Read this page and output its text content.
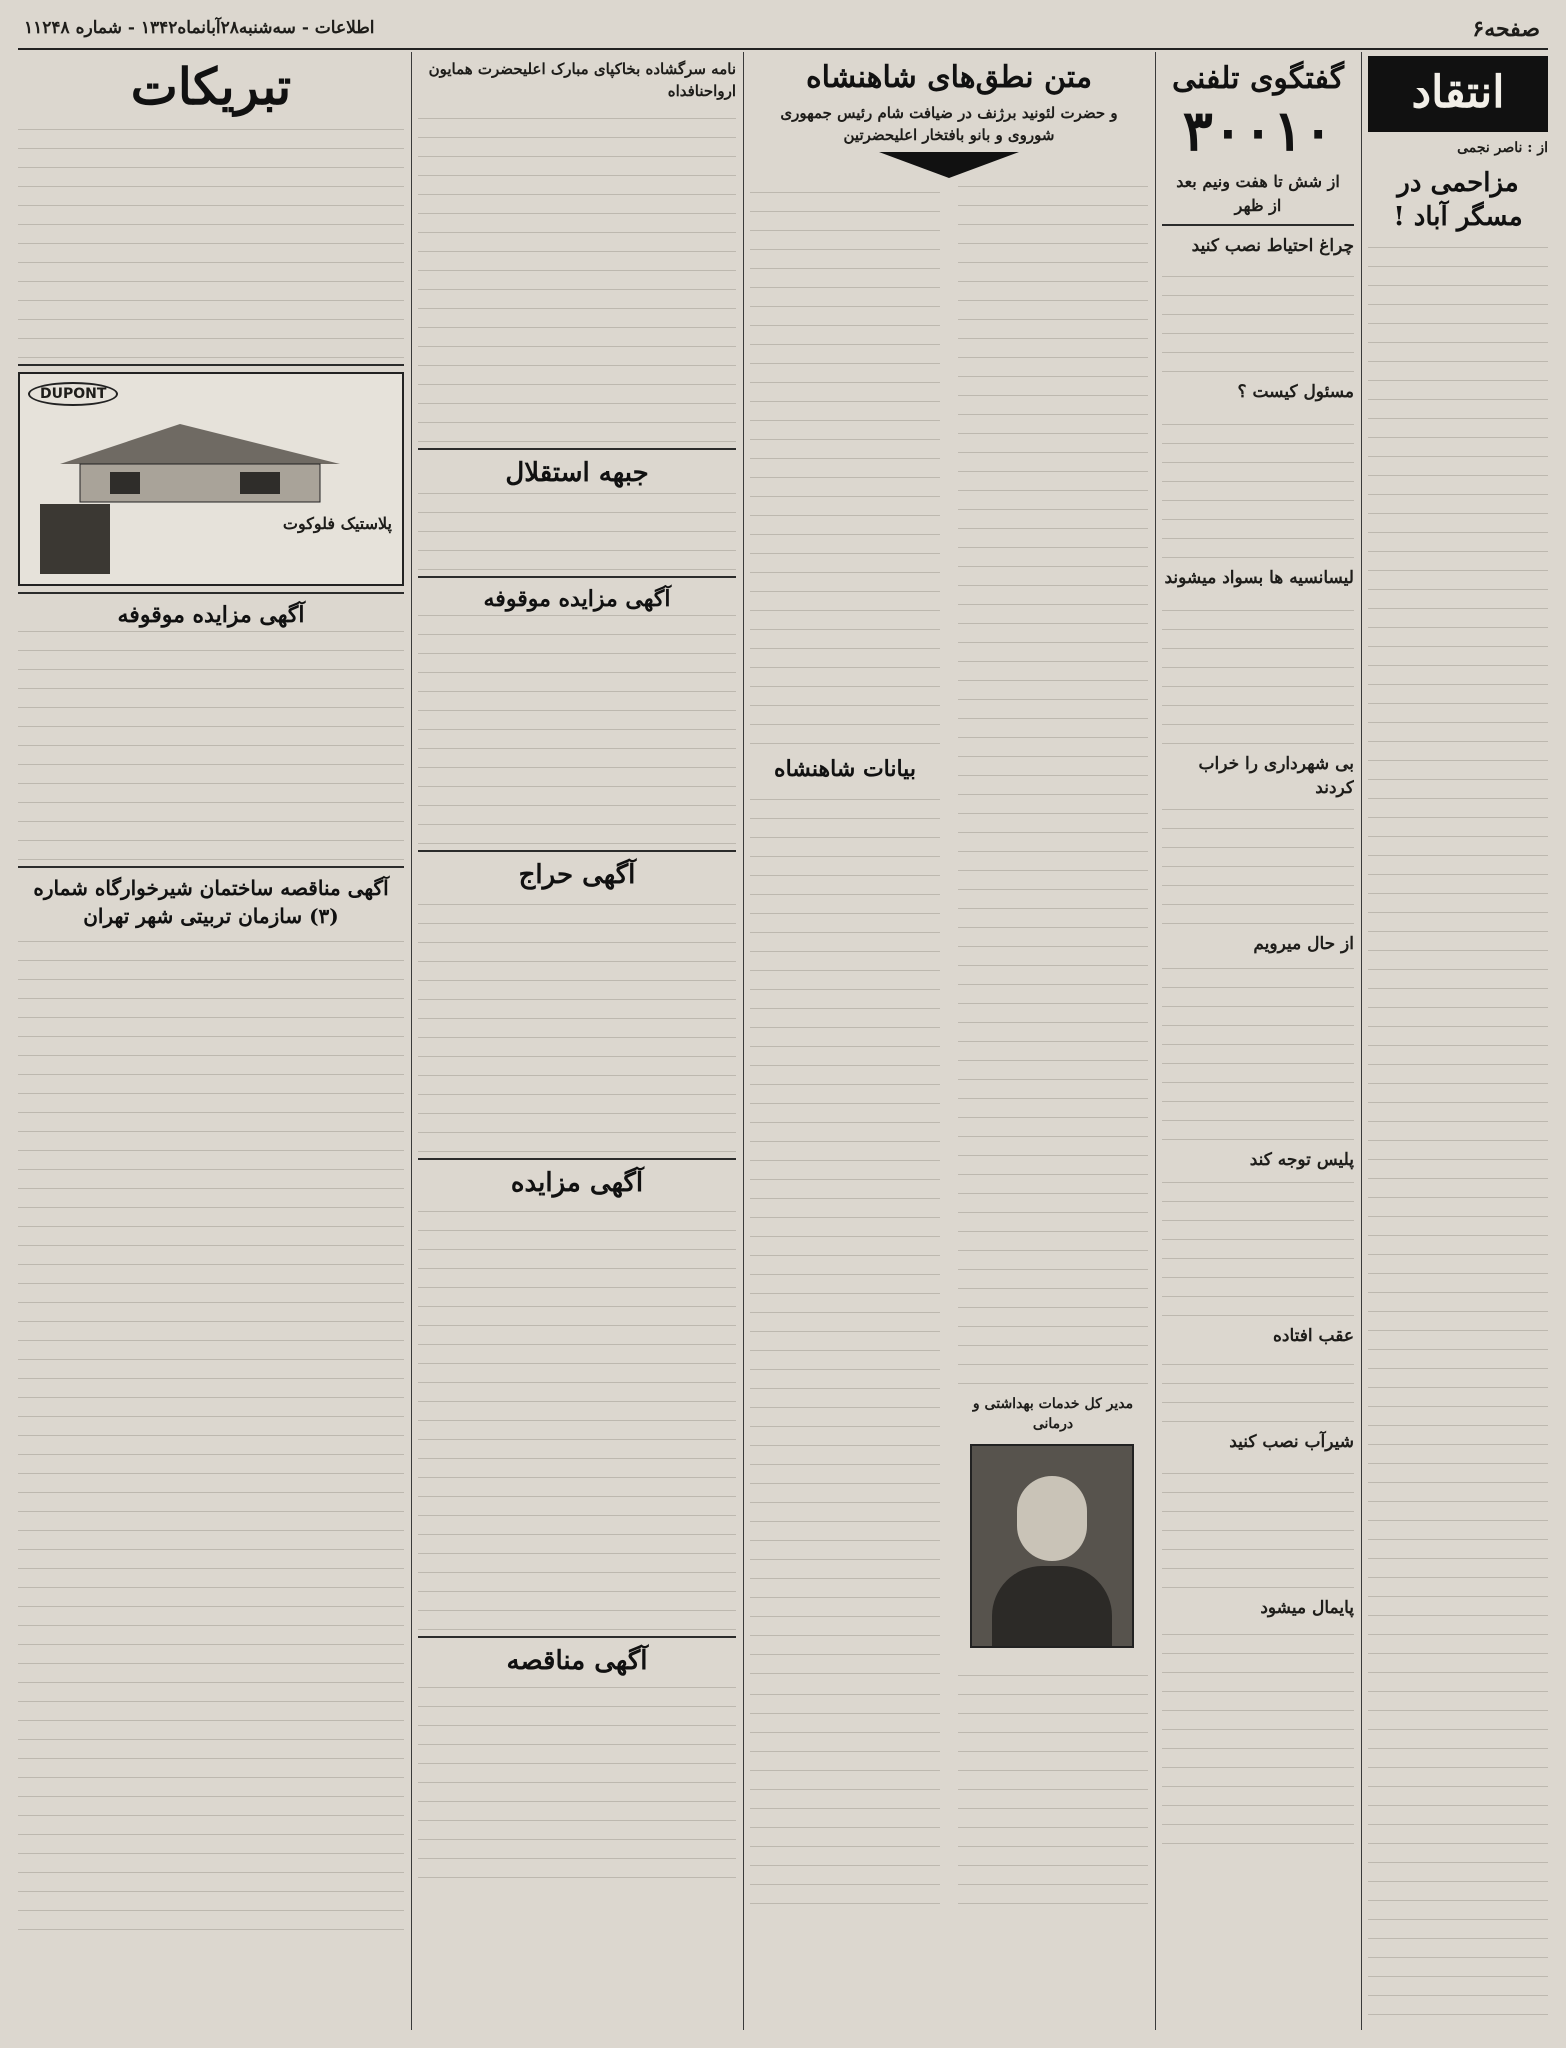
صفحه۶
اطلاعات - سه‌شنبه۲۸آبانماه۱۳۴۲ - شماره ۱۱۲۴۸
انتقاد
از : ناصر نجمی
مزاحمی در مسگر آباد !
گفتگوی تلفنی
۳۰۰۱۰
از شش تا هفت ونیم بعد از ظهر
چراغ احتیاط نصب کنید
مسئول کیست ؟
لیسانسیه ها بسواد میشوند
بی شهرداری را خراب کردند
از حال میرویم
پلیس توجه کند
عقب افتاده
شیرآب نصب کنید
پایمال میشود
متن نطق‌های شاهنشاه
و حضرت لئونید برژنف در ضیافت شام رئیس جمهوری شوروی و بانو بافتخار اعلیحضرتین
بیانات شاهنشاه
مدیر کل خدمات بهداشتی و درمانی
نامه سرگشاده بخاکپای مبارک اعلیحضرت همایون ارواحنافداه
جبهه استقلال
آگهی مزایده موقوفه
آگهی حراج
آگهی مزایده
آگهی مناقصه
تبریکات
DUPONT
پلاستیک فلوکوت
آگهی مزایده موقوفه
آگهی مناقصه ساختمان شیرخوارگاه شماره (۳) سازمان تربیتی شهر تهران
